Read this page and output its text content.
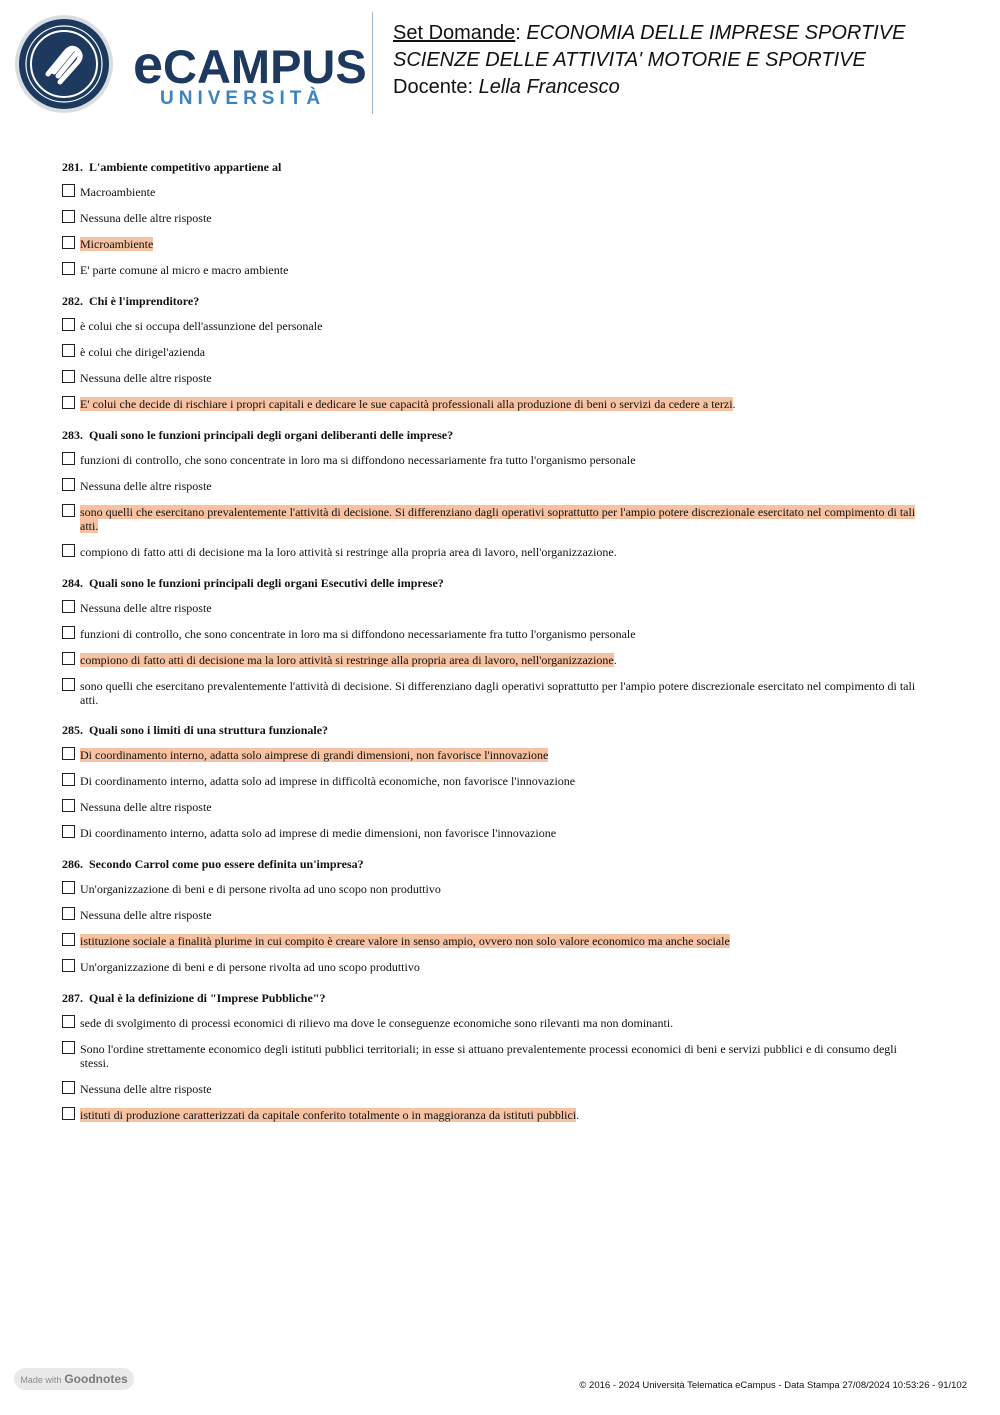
eCAMPUS
UNIVERSITÀ
Set Domande: ECONOMIA DELLE IMPRESE SPORTIVE
SCIENZE DELLE ATTIVITA' MOTORIE E SPORTIVE
Docente: Lella Francesco
281. L'ambiente competitivo appartiene al
Macroambiente
Nessuna delle altre risposte
Microambiente
E' parte comune al micro e macro ambiente
282. Chi è l'imprenditore?
è colui che si occupa dell'assunzione del personale
è colui che dirigel'azienda
Nessuna delle altre risposte
E' colui che decide di rischiare i propri capitali e dedicare le sue capacità professionali alla produzione di beni o servizi da cedere a terzi.
283. Quali sono le funzioni principali degli organi deliberanti delle imprese?
funzioni di controllo, che sono concentrate in loro ma si diffondono necessariamente fra tutto l'organismo personale
Nessuna delle altre risposte
sono quelli che esercitano prevalentemente l'attività di decisione. Si differenziano dagli operativi soprattutto per l'ampio potere discrezionale esercitato nel compimento di tali atti.
compiono di fatto atti di decisione ma la loro attività si restringe alla propria area di lavoro, nell'organizzazione.
284. Quali sono le funzioni principali degli organi Esecutivi delle imprese?
Nessuna delle altre risposte
funzioni di controllo, che sono concentrate in loro ma si diffondono necessariamente fra tutto l'organismo personale
compiono di fatto atti di decisione ma la loro attività si restringe alla propria area di lavoro, nell'organizzazione.
sono quelli che esercitano prevalentemente l'attività di decisione. Si differenziano dagli operativi soprattutto per l'ampio potere discrezionale esercitato nel compimento di tali atti.
285. Quali sono i limiti di una struttura funzionale?
Di coordinamento interno, adatta solo aimprese di grandi dimensioni, non favorisce l'innovazione
Di coordinamento interno, adatta solo ad imprese in difficoltà economiche, non favorisce l'innovazione
Nessuna delle altre risposte
Di coordinamento interno, adatta solo ad imprese di medie dimensioni, non favorisce l'innovazione
286. Secondo Carrol come puo essere definita un'impresa?
Un'organizzazione di beni e di persone rivolta ad uno scopo non produttivo
Nessuna delle altre risposte
istituzione sociale a finalità plurime in cui compito è creare valore in senso ampio, ovvero non solo valore economico ma anche sociale
Un'organizzazione di beni e di persone rivolta ad uno scopo produttivo
287. Qual è la definizione di "Imprese Pubbliche"?
sede di svolgimento di processi economici di rilievo ma dove le conseguenze economiche sono rilevanti ma non dominanti.
Sono l'ordine strettamente economico degli istituti pubblici territoriali; in esse si attuano prevalentemente processi economici di beni e servizi pubblici e di consumo degli stessi.
Nessuna delle altre risposte
istituti di produzione caratterizzati da capitale conferito totalmente o in maggioranza da istituti pubblici.
Made with Goodnotes	© 2016 - 2024 Università Telematica eCampus - Data Stampa 27/08/2024 10:53:26 - 91/102
